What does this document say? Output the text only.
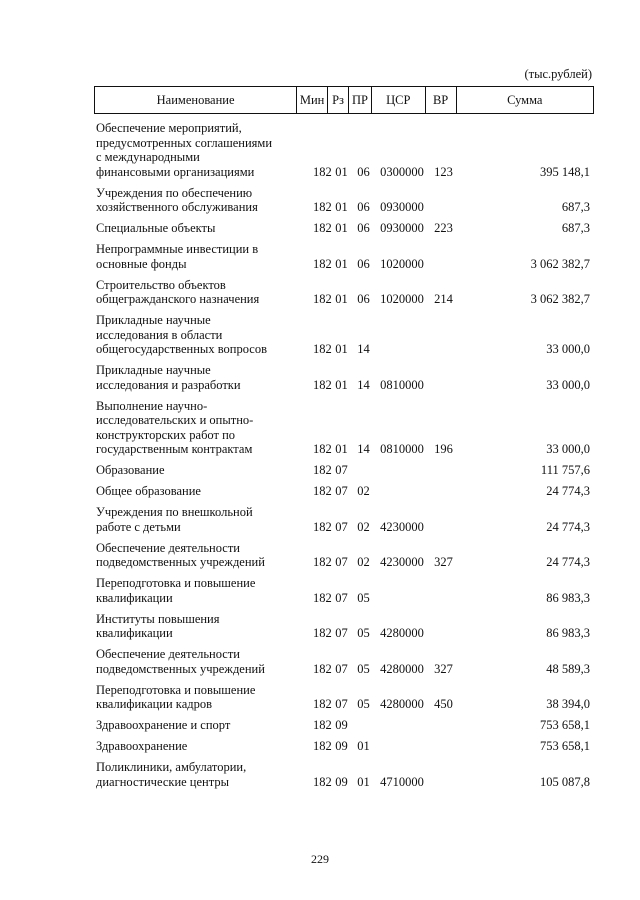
(тыс.рублей)
Наименование	Мин Рз ПР	ЦСР	ВР	Сумма
Обеспечение мероприятий,
предусмотренных соглашениями
с международными
финансовыми организациями	182 01 06 0300000 123	395 148,1
Учреждения по обеспечению
хозяйственного обслуживания	182 01 06 0930000	687,3
Специальные объекты	182 01 06 0930000 223	687,3
Непрограммные инвестиции в
основные фонды	182 01 06 1020000	3 062 382,7
Строительство объектов
общегражданского назначения	182 01 06 1020000 214	3 062 382,7
Прикладные научные
исследования в области
общегосударственных вопросов	182 01 14	33 000,0
Прикладные научные
исследования и разработки	182 01 14 0810000	33 000,0
Выполнение научно-
исследовательских и опытно-
конструкторских работ по
государственным контрактам	182 01 14 0810000 196	33 000,0
Образование	182 07	111 757,6
Общее образование	182 07 02	24 774,3
Учреждения по внешкольной
работе с детьми	182 07 02 4230000	24 774,3
Обеспечение деятельности
подведомственных учреждений	182 07 02 4230000 327	24 774,3
Переподготовка и повышение
квалификации	182 07 05	86 983,3
Институты повышения
квалификации	182 07 05 4280000	86 983,3
Обеспечение деятельности
подведомственных учреждений	182 07 05 4280000 327	48 589,3
Переподготовка и повышение
квалификации кадров	182 07 05 4280000 450	38 394,0
Здравоохранение и спорт	182 09	753 658,1
Здравоохранение	182 09 01	753 658,1
Поликлиники, амбулатории,
диагностические центры	182 09 01 4710000	105 087,8
229
